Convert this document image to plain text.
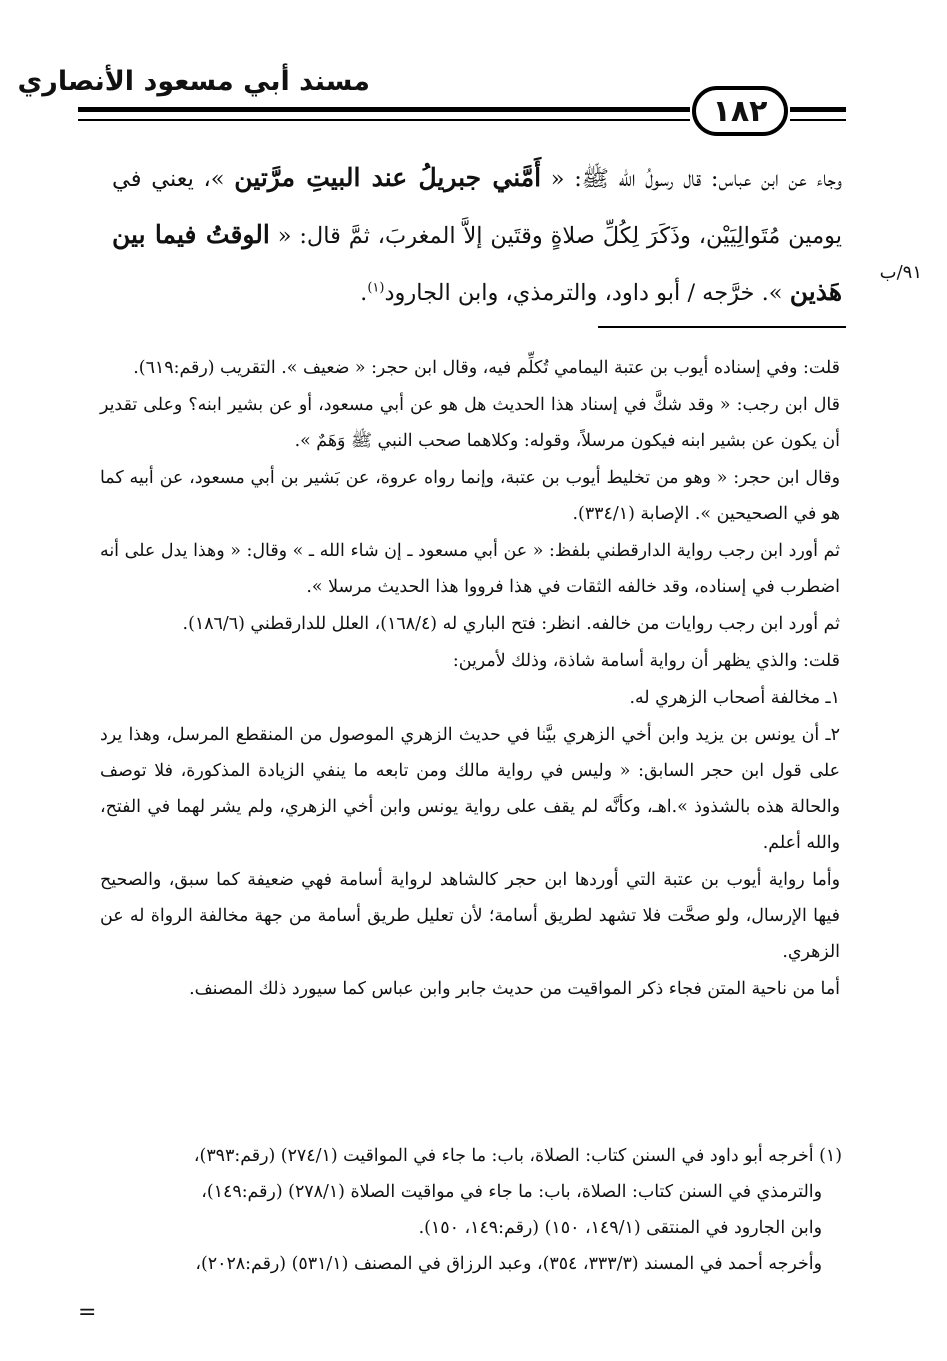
مسند أبي مسعود الأنصاري
١٨٢
وجاء عن ابن عباس: قال رسولُ الله ﷺ: « أَمَّني جبريلُ عند البيتِ مرَّتين »، يعني في يومين مُتَوالِيَيْن، وذَكَرَ لِكُلِّ صلاةٍ وقتَين إلاَّ المغربَ، ثمَّ قال: « الوقتُ فيما بين هَذين ». خرَّجه / أبو داود، والترمذي، وابن الجارود$^{(١)}$.
٩١/ب

قلت: وفي إسناده أيوب بن عتبة اليمامي تُكلِّم فيه، وقال ابن حجر: « ضعيف ». التقريب (رقم:٦١٩).

قال ابن رجب: « وقد شكَّ في إسناد هذا الحديث هل هو عن أبي مسعود، أو عن بشير ابنه؟ وعلى تقدير أن يكون عن بشير ابنه فيكون مرسلاً، وقوله: وكلاهما صحب النبي ﷺ وَهَمٌ ».

وقال ابن حجر: « وهو من تخليط أيوب بن عتبة، وإنما رواه عروة، عن بَشير بن أبي مسعود، عن أبيه كما هو في الصحيحين ». الإصابة (٣٣٤/١).

ثم أورد ابن رجب رواية الدارقطني بلفظ: « عن أبي مسعود ـ إن شاء الله ـ » وقال: « وهذا يدل على أنه اضطرب في إسناده، وقد خالفه الثقات في هذا فرووا هذا الحديث مرسلا ».

ثم أورد ابن رجب روايات من خالفه. انظر: فتح الباري له (١٦٨/٤)، العلل للدارقطني (١٨٦/٦).

قلت: والذي يظهر أن رواية أسامة شاذة، وذلك لأمرين:

١ـ مخالفة أصحاب الزهري له.

٢ـ أن يونس بن يزيد وابن أخي الزهري بيَّنا في حديث الزهري الموصول من المنقطع المرسل، وهذا يرد على قول ابن حجر السابق: « وليس في رواية مالك ومن تابعه ما ينفي الزيادة المذكورة، فلا توصف والحالة هذه بالشذوذ ».اهـ، وكأنَّه لم يقف على رواية يونس وابن أخي الزهري، ولم يشر لهما في الفتح، والله أعلم.

وأما رواية أيوب بن عتبة التي أوردها ابن حجر كالشاهد لرواية أسامة فهي ضعيفة كما سبق، والصحيح فيها الإرسال، ولو صحَّت فلا تشهد لطريق أسامة؛ لأن تعليل طريق أسامة من جهة مخالفة الرواة له عن الزهري.

أما من ناحية المتن فجاء ذكر المواقيت من حديث جابر وابن عباس كما سيورد ذلك المصنف.

(١) أخرجه أبو داود في السنن كتاب: الصلاة، باب: ما جاء في المواقيت (٢٧٤/١) (رقم:٣٩٣)،

والترمذي في السنن كتاب: الصلاة، باب: ما جاء في مواقيت الصلاة (٢٧٨/١) (رقم:١٤٩)،

وابن الجارود في المنتقى (١٤٩/١، ١٥٠) (رقم:١٤٩، ١٥٠).

وأخرجه أحمد في المسند (٣٣٣/٣، ٣٥٤)، وعبد الرزاق في المصنف (٥٣١/١) (رقم:٢٠٢٨)،

=
